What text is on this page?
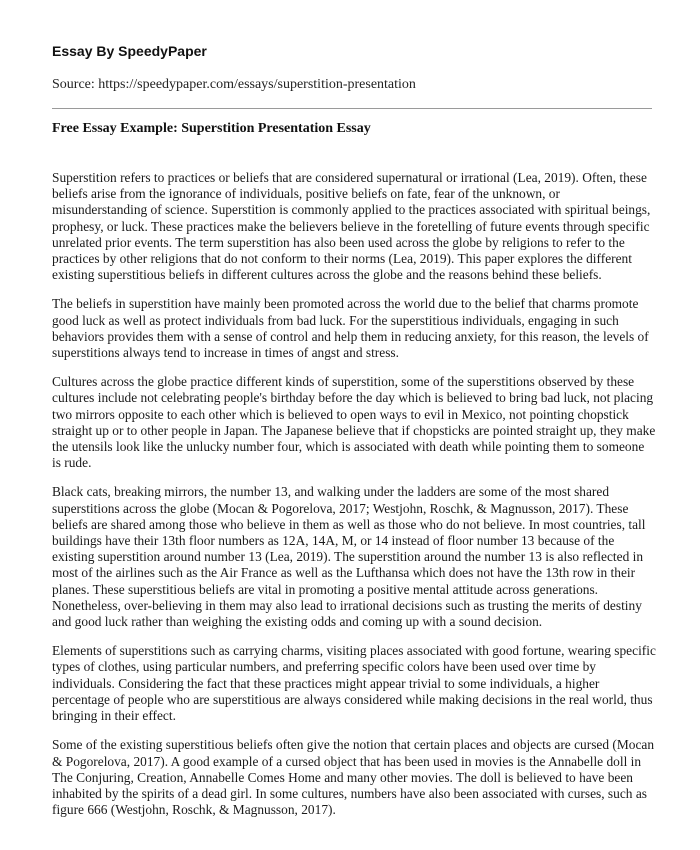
Essay By SpeedyPaper
Source: https://speedypaper.com/essays/superstition-presentation
Free Essay Example: Superstition Presentation Essay

Superstition refers to practices or beliefs that are considered supernatural or irrational (Lea, 2019). Often, these beliefs arise from the ignorance of individuals, positive beliefs on fate, fear of the unknown, or misunderstanding of science. Superstition is commonly applied to the practices associated with spiritual beings, prophesy, or luck. These practices make the believers believe in the foretelling of future events through specific unrelated prior events. The term superstition has also been used across the globe by religions to refer to the practices by other religions that do not conform to their norms (Lea, 2019). This paper explores the different existing superstitious beliefs in different cultures across the globe and the reasons behind these beliefs.

The beliefs in superstition have mainly been promoted across the world due to the belief that charms promote good luck as well as protect individuals from bad luck. For the superstitious individuals, engaging in such behaviors provides them with a sense of control and help them in reducing anxiety, for this reason, the levels of superstitions always tend to increase in times of angst and stress.

Cultures across the globe practice different kinds of superstition, some of the superstitions observed by these cultures include not celebrating people's birthday before the day which is believed to bring bad luck, not placing two mirrors opposite to each other which is believed to open ways to evil in Mexico, not pointing chopstick straight up or to other people in Japan. The Japanese believe that if chopsticks are pointed straight up, they make the utensils look like the unlucky number four, which is associated with death while pointing them to someone is rude.

Black cats, breaking mirrors, the number 13, and walking under the ladders are some of the most shared superstitions across the globe (Mocan & Pogorelova, 2017; Westjohn, Roschk, & Magnusson, 2017). These beliefs are shared among those who believe in them as well as those who do not believe. In most countries, tall buildings have their 13th floor numbers as 12A, 14A, M, or 14 instead of floor number 13 because of the existing superstition around number 13 (Lea, 2019). The superstition around the number 13 is also reflected in most of the airlines such as the Air France as well as the Lufthansa which does not have the 13th row in their planes. These superstitious beliefs are vital in promoting a positive mental attitude across generations. Nonetheless, over-believing in them may also lead to irrational decisions such as trusting the merits of destiny and good luck rather than weighing the existing odds and coming up with a sound decision.

Elements of superstitions such as carrying charms, visiting places associated with good fortune, wearing specific types of clothes, using particular numbers, and preferring specific colors have been used over time by individuals. Considering the fact that these practices might appear trivial to some individuals, a higher percentage of people who are superstitious are always considered while making decisions in the real world, thus bringing in their effect.

Some of the existing superstitious beliefs often give the notion that certain places and objects are cursed (Mocan & Pogorelova, 2017). A good example of a cursed object that has been used in movies is the Annabelle doll in The Conjuring, Creation, Annabelle Comes Home and many other movies. The doll is believed to have been inhabited by the spirits of a dead girl. In some cultures, numbers have also been associated with curses, such as figure 666 (Westjohn, Roschk, & Magnusson, 2017).
